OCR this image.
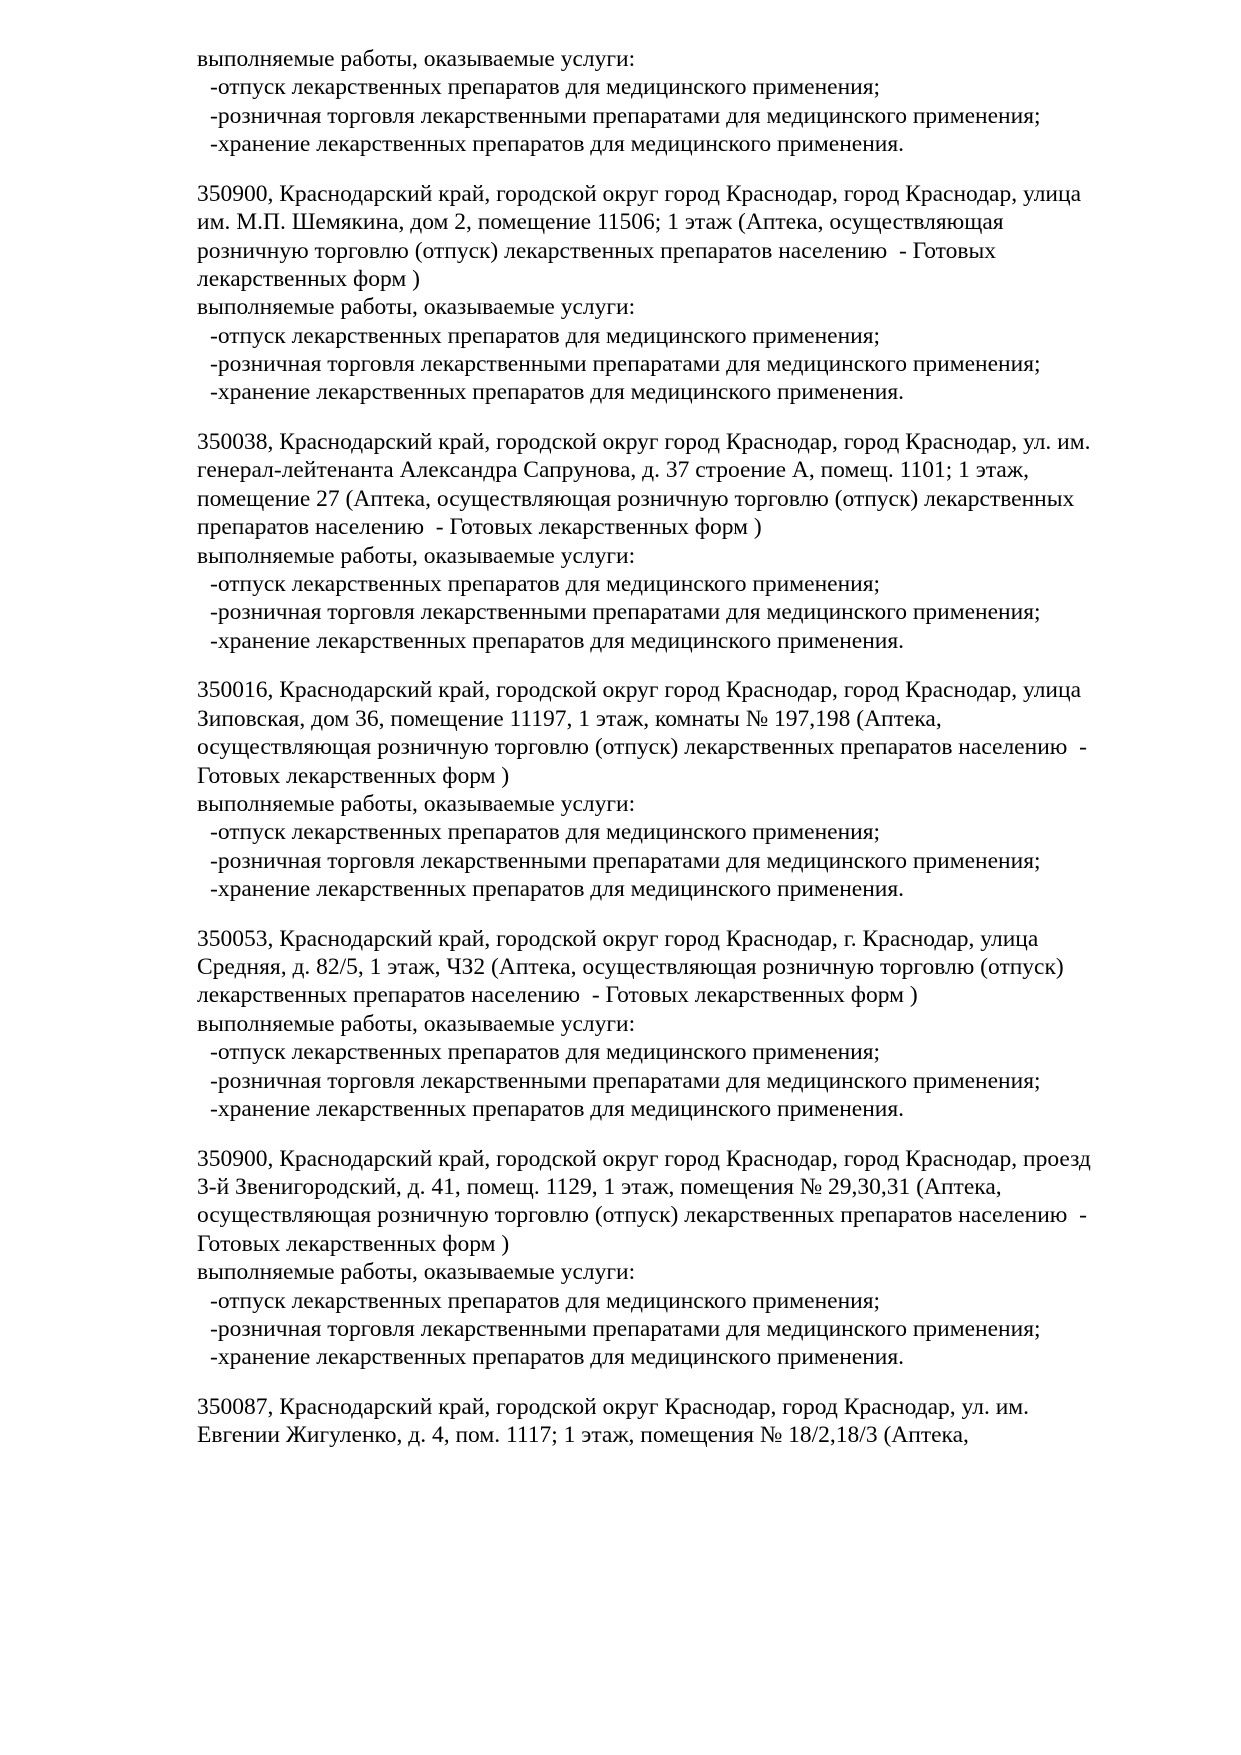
выполняемые работы, оказываемые услуги:
-отпуск лекарственных препаратов для медицинского применения;
-розничная торговля лекарственными препаратами для медицинского применения;
-хранение лекарственных препаратов для медицинского применения.
350900, Краснодарский край, городской округ город Краснодар, город Краснодар, улица
им. М.П. Шемякина, дом 2, помещение 11506; 1 этаж (Аптека, осуществляющая
розничную торговлю (отпуск) лекарственных препаратов населению  - Готовых
лекарственных форм )
выполняемые работы, оказываемые услуги:
-отпуск лекарственных препаратов для медицинского применения;
-розничная торговля лекарственными препаратами для медицинского применения;
-хранение лекарственных препаратов для медицинского применения.
350038, Краснодарский край, городской округ город Краснодар, город Краснодар, ул. им.
генерал-лейтенанта Александра Сапрунова, д. 37 строение А, помещ. 1101; 1 этаж,
помещение 27 (Аптека, осуществляющая розничную торговлю (отпуск) лекарственных
препаратов населению  - Готовых лекарственных форм )
выполняемые работы, оказываемые услуги:
-отпуск лекарственных препаратов для медицинского применения;
-розничная торговля лекарственными препаратами для медицинского применения;
-хранение лекарственных препаратов для медицинского применения.
350016, Краснодарский край, городской округ город Краснодар, город Краснодар, улица
Зиповская, дом 36, помещение 11197, 1 этаж, комнаты № 197,198 (Аптека,
осуществляющая розничную торговлю (отпуск) лекарственных препаратов населению  -
Готовых лекарственных форм )
выполняемые работы, оказываемые услуги:
-отпуск лекарственных препаратов для медицинского применения;
-розничная торговля лекарственными препаратами для медицинского применения;
-хранение лекарственных препаратов для медицинского применения.
350053, Краснодарский край, городской округ город Краснодар, г. Краснодар, улица
Средняя, д. 82/5, 1 этаж, ЧЗ2 (Аптека, осуществляющая розничную торговлю (отпуск)
лекарственных препаратов населению  - Готовых лекарственных форм )
выполняемые работы, оказываемые услуги:
-отпуск лекарственных препаратов для медицинского применения;
-розничная торговля лекарственными препаратами для медицинского применения;
-хранение лекарственных препаратов для медицинского применения.
350900, Краснодарский край, городской округ город Краснодар, город Краснодар, проезд
3-й Звенигородский, д. 41, помещ. 1129, 1 этаж, помещения № 29,30,31 (Аптека,
осуществляющая розничную торговлю (отпуск) лекарственных препаратов населению  -
Готовых лекарственных форм )
выполняемые работы, оказываемые услуги:
-отпуск лекарственных препаратов для медицинского применения;
-розничная торговля лекарственными препаратами для медицинского применения;
-хранение лекарственных препаратов для медицинского применения.
350087, Краснодарский край, городской округ Краснодар, город Краснодар, ул. им.
Евгении Жигуленко, д. 4, пом. 1117; 1 этаж, помещения № 18/2,18/3 (Аптека,
